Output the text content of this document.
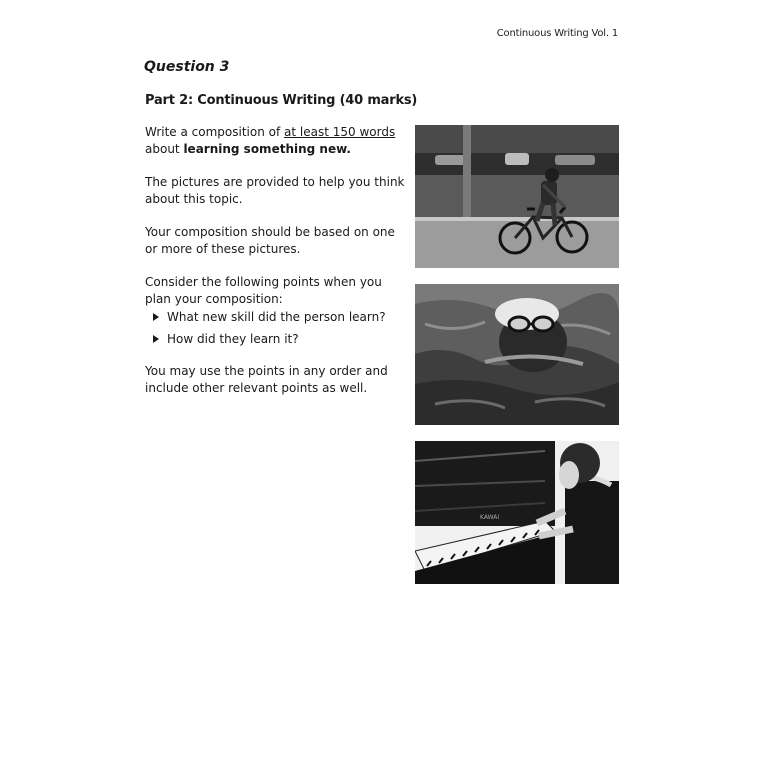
Continuous Writing Vol. 1
Question 3
Part 2: Continuous Writing (40 marks)

Write a composition of at least 150 words
about learning something new.

The pictures are provided to help you think about this topic.

Your composition should be based on one or more of these pictures.

Consider the following points when you plan your composition:

What new skill did the person learn?
How did they learn it?

You may use the points in any order and include other relevant points as well.

KAWAI
